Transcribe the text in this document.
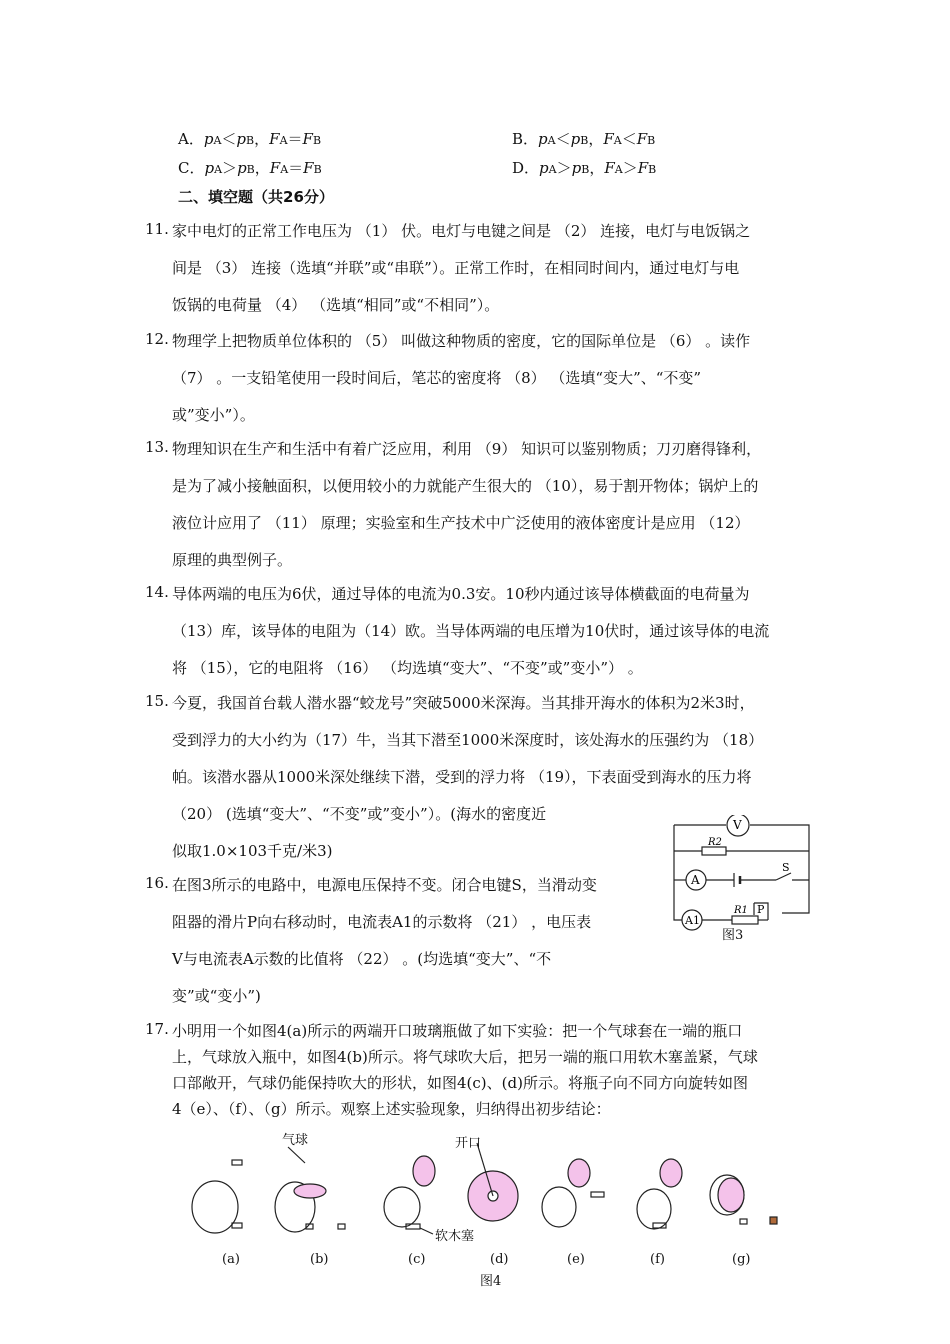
A．pA＜pB，FA＝FB	B．pA＜pB，FA＜FB
C．pA＞pB，FA＝FB	D．pA＞pB，FA＞FB
二、填空题（共26分）
11. 家中电灯的正常工作电压为 （1） 伏。电灯与电键之间是 （2） 连接，电灯与电饭锅之
间是 （3） 连接（选填“并联”或“串联”）。正常工作时，在相同时间内，通过电灯与电
饭锅的电荷量 （4） （选填“相同”或“不相同”）。
12. 物理学上把物质单位体积的 （5） 叫做这种物质的密度，它的国际单位是 （6） 。读作
（7） 。一支铅笔使用一段时间后，笔芯的密度将 （8） （选填“变大”、“不变”
或”变小”）。
13. 物理知识在生产和生活中有着广泛应用，利用 （9） 知识可以鉴别物质；刀刃磨得锋利，
是为了减小接触面积，以便用较小的力就能产生很大的 （10），易于割开物体；锅炉上的
液位计应用了 （11） 原理；实验室和生产技术中广泛使用的液体密度计是应用 （12）
原理的典型例子。
14. 导体两端的电压为6伏，通过导体的电流为0.3安。10秒内通过该导体横截面的电荷量为
（13）库，该导体的电阻为（14）欧。当导体两端的电压增为10伏时，通过该导体的电流
将 （15），它的电阻将 （16） （均选填“变大”、“不变”或”变小”） 。
15. 今夏，我国首台载人潜水器“蛟龙号”突破5000米深海。当其排开海水的体积为2米3时，
受到浮力的大小约为（17）牛，当其下潜至1000米深度时，该处海水的压强约为 （18）
帕。该潜水器从1000米深处继续下潜，受到的浮力将 （19），下表面受到海水的压力将
（20） (选填“变大”、“不变”或”变小”）。(海水的密度近
似取1.0×103千克/米3)
16. 在图3所示的电路中，电源电压保持不变。闭合电键S，当滑动变
阻器的滑片P向右移动时，电流表A1的示数将 （21） ，电压表
V与电流表A示数的比值将 （22） 。(均选填“变大”、“不
变”或“变小”)
V
A
A1
R2
R1
S
P
图3
17. 小明用一个如图4(a)所示的两端开口玻璃瓶做了如下实验：把一个气球套在一端的瓶口
上，气球放入瓶中，如图4(b)所示。将气球吹大后，把另一端的瓶口用软木塞盖紧，气球
口部敞开，气球仍能保持吹大的形状，如图4(c)、(d)所示。将瓶子向不同方向旋转如图
4（e）、（f）、（g）所示。观察上述实验现象，归纳得出初步结论：
气球	开口
软木塞
(a)	(b)	(c)	(d)	(e)	(f)	(g)
图4
